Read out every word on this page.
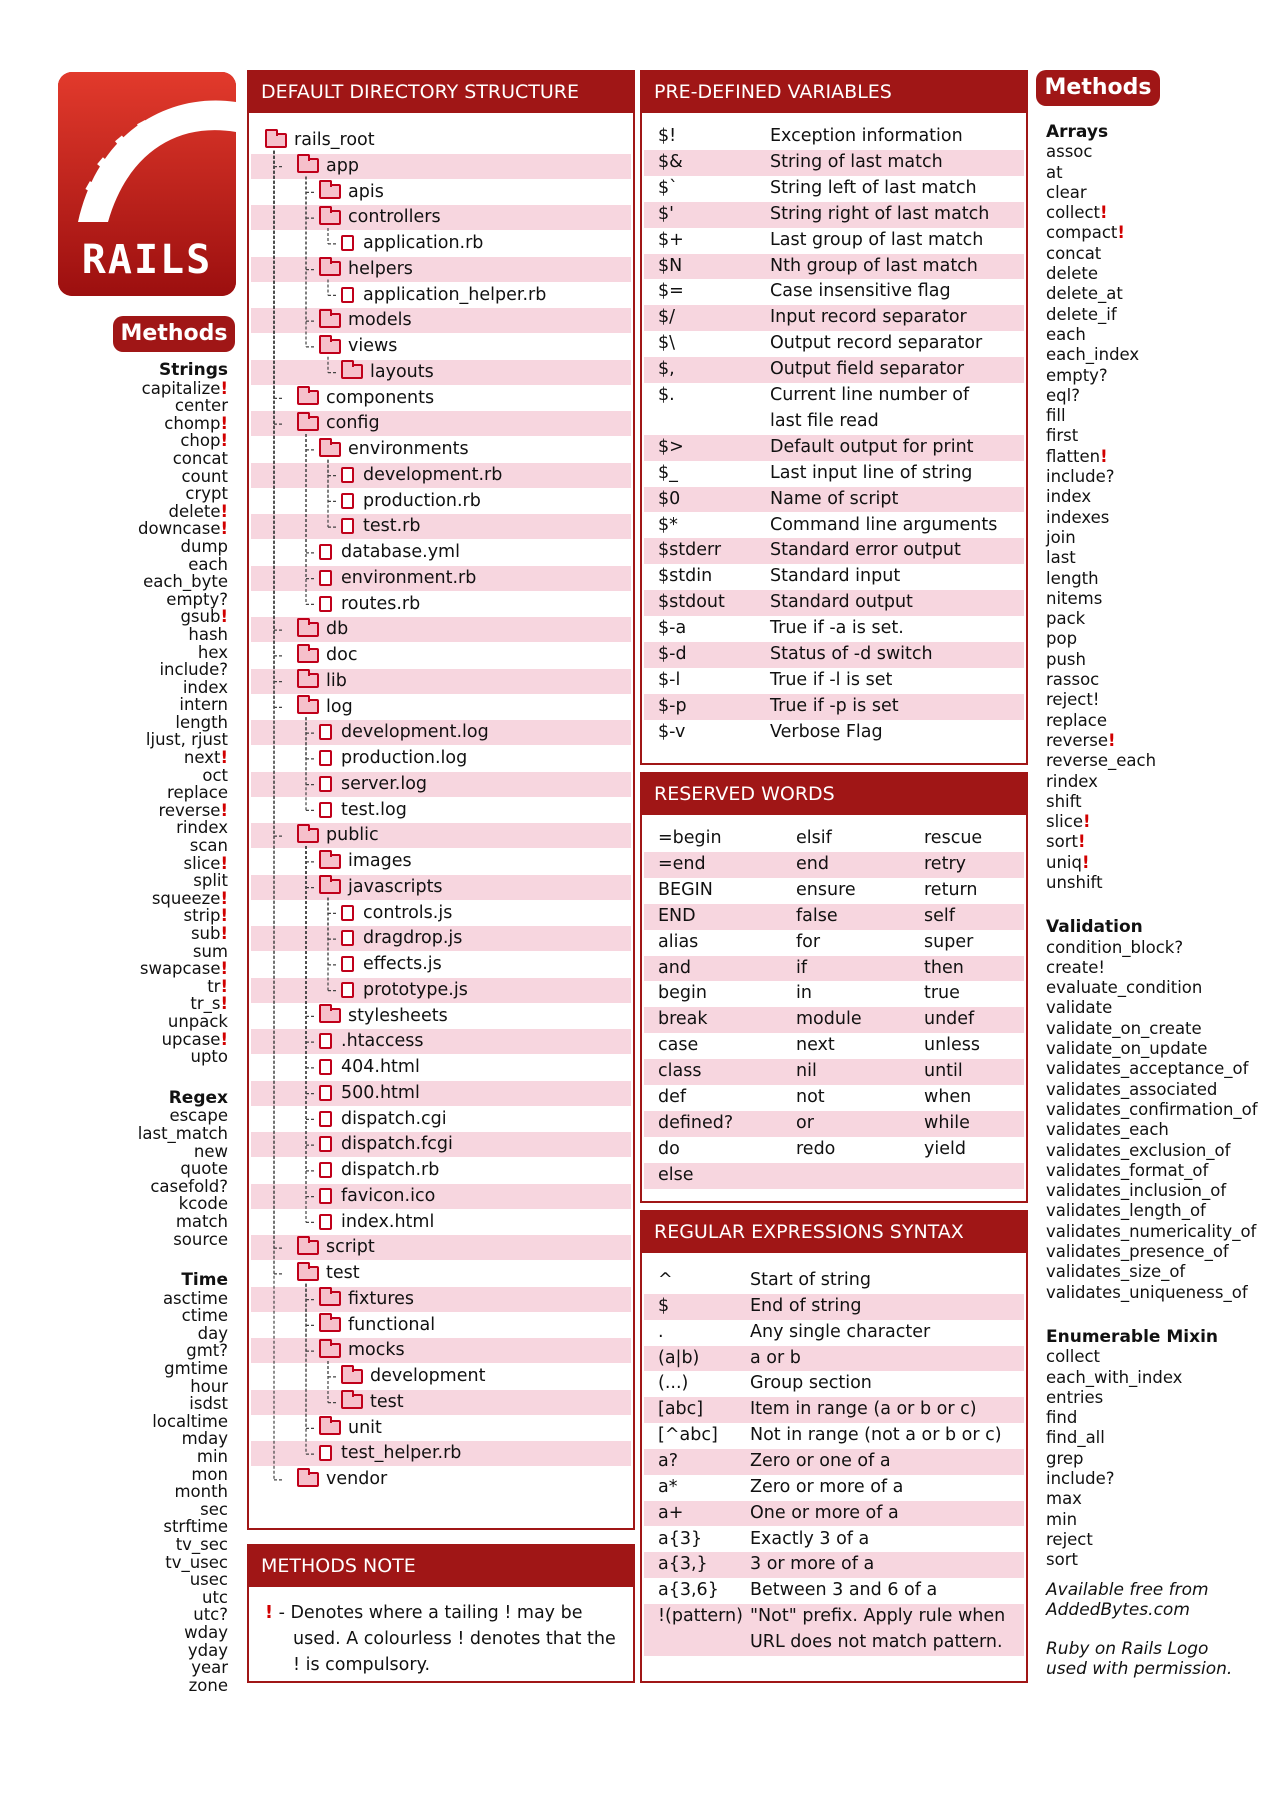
RAILS
Methods
Strings
capitalize!
center
chomp!
chop!
concat
count
crypt
delete!
downcase!
dump
each
each_byte
empty?
gsub!
hash
hex
include?
index
intern
length
ljust, rjust
next!
oct
replace
reverse!
rindex
scan
slice!
split
squeeze!
strip!
sub!
sum
swapcase!
tr!
tr_s!
unpack
upcase!
upto
Regex
escape
last_match
new
quote
casefold?
kcode
match
source
Time
asctime
ctime
day
gmt?
gmtime
hour
isdst
localtime
mday
min
mon
month
sec
strftime
tv_sec
tv_usec
usec
utc
utc?
wday
yday
year
zone
DEFAULT DIRECTORY STRUCTURE
rails_root
app
apis
controllers
application.rb
helpers
application_helper.rb
models
views
layouts
components
config
environments
development.rb
production.rb
test.rb
database.yml
environment.rb
routes.rb
db
doc
lib
log
development.log
production.log
server.log
test.log
public
images
javascripts
controls.js
dragdrop.js
effects.js
prototype.js
stylesheets
.htaccess
404.html
500.html
dispatch.cgi
dispatch.fcgi
dispatch.rb
favicon.ico
index.html
script
test
fixtures
functional
mocks
development
test
unit
test_helper.rb
vendor
METHODS NOTE
! - Denotes where a tailing ! may be
used. A colourless ! denotes that the
! is compulsory.
PRE-DEFINED VARIABLES
$!	Exception information
$&	String of last match
$`	String left of last match
$'	String right of last match
$+	Last group of last match
$N	Nth group of last match
$=	Case insensitive flag
$/	Input record separator
$\	Output record separator
$,	Output field separator
$.	Current line number of
last file read
$>	Default output for print
$_	Last input line of string
$0	Name of script
$*	Command line arguments
$stderr	Standard error output
$stdin	Standard input
$stdout	Standard output
$-a	True if -a is set.
$-d	Status of -d switch
$-l	True if -l is set
$-p	True if -p is set
$-v	Verbose Flag
RESERVED WORDS
=begin	elsif	rescue
=end	end	retry
BEGIN	ensure	return
END	false	self
alias	for	super
and	if	then
begin	in	true
break	module	undef
case	next	unless
class	nil	until
def	not	when
defined?	or	while
do	redo	yield
else
REGULAR EXPRESSIONS SYNTAX
^	Start of string
$	End of string
.	Any single character
(a|b)	a or b
(...)	Group section
[abc]	Item in range (a or b or c)
[^abc] Not in range (not a or b or c)
a?	Zero or one of a
a*	Zero or more of a
a+	One or more of a
a{3}	Exactly 3 of a
a{3,} 3 or more of a
a{3,6} Between 3 and 6 of a
!(pattern) "Not" prefix. Apply rule when
URL does not match pattern.
Methods
Arrays
assoc
at
clear
collect!
compact!
concat
delete
delete_at
delete_if
each
each_index
empty?
eql?
fill
first
flatten!
include?
index
indexes
join
last
length
nitems
pack
pop
push
rassoc
reject!
replace
reverse!
reverse_each
rindex
shift
slice!
sort!
uniq!
unshift
Validation
condition_block?
create!
evaluate_condition
validate
validate_on_create
validate_on_update
validates_acceptance_of
validates_associated
validates_confirmation_of
validates_each
validates_exclusion_of
validates_format_of
validates_inclusion_of
validates_length_of
validates_numericality_of
validates_presence_of
validates_size_of
validates_uniqueness_of
Enumerable Mixin
collect
each_with_index
entries
find
find_all
grep
include?
max
min
reject
sort
Available free from
AddedBytes.com
Ruby on Rails Logo
used with permission.
